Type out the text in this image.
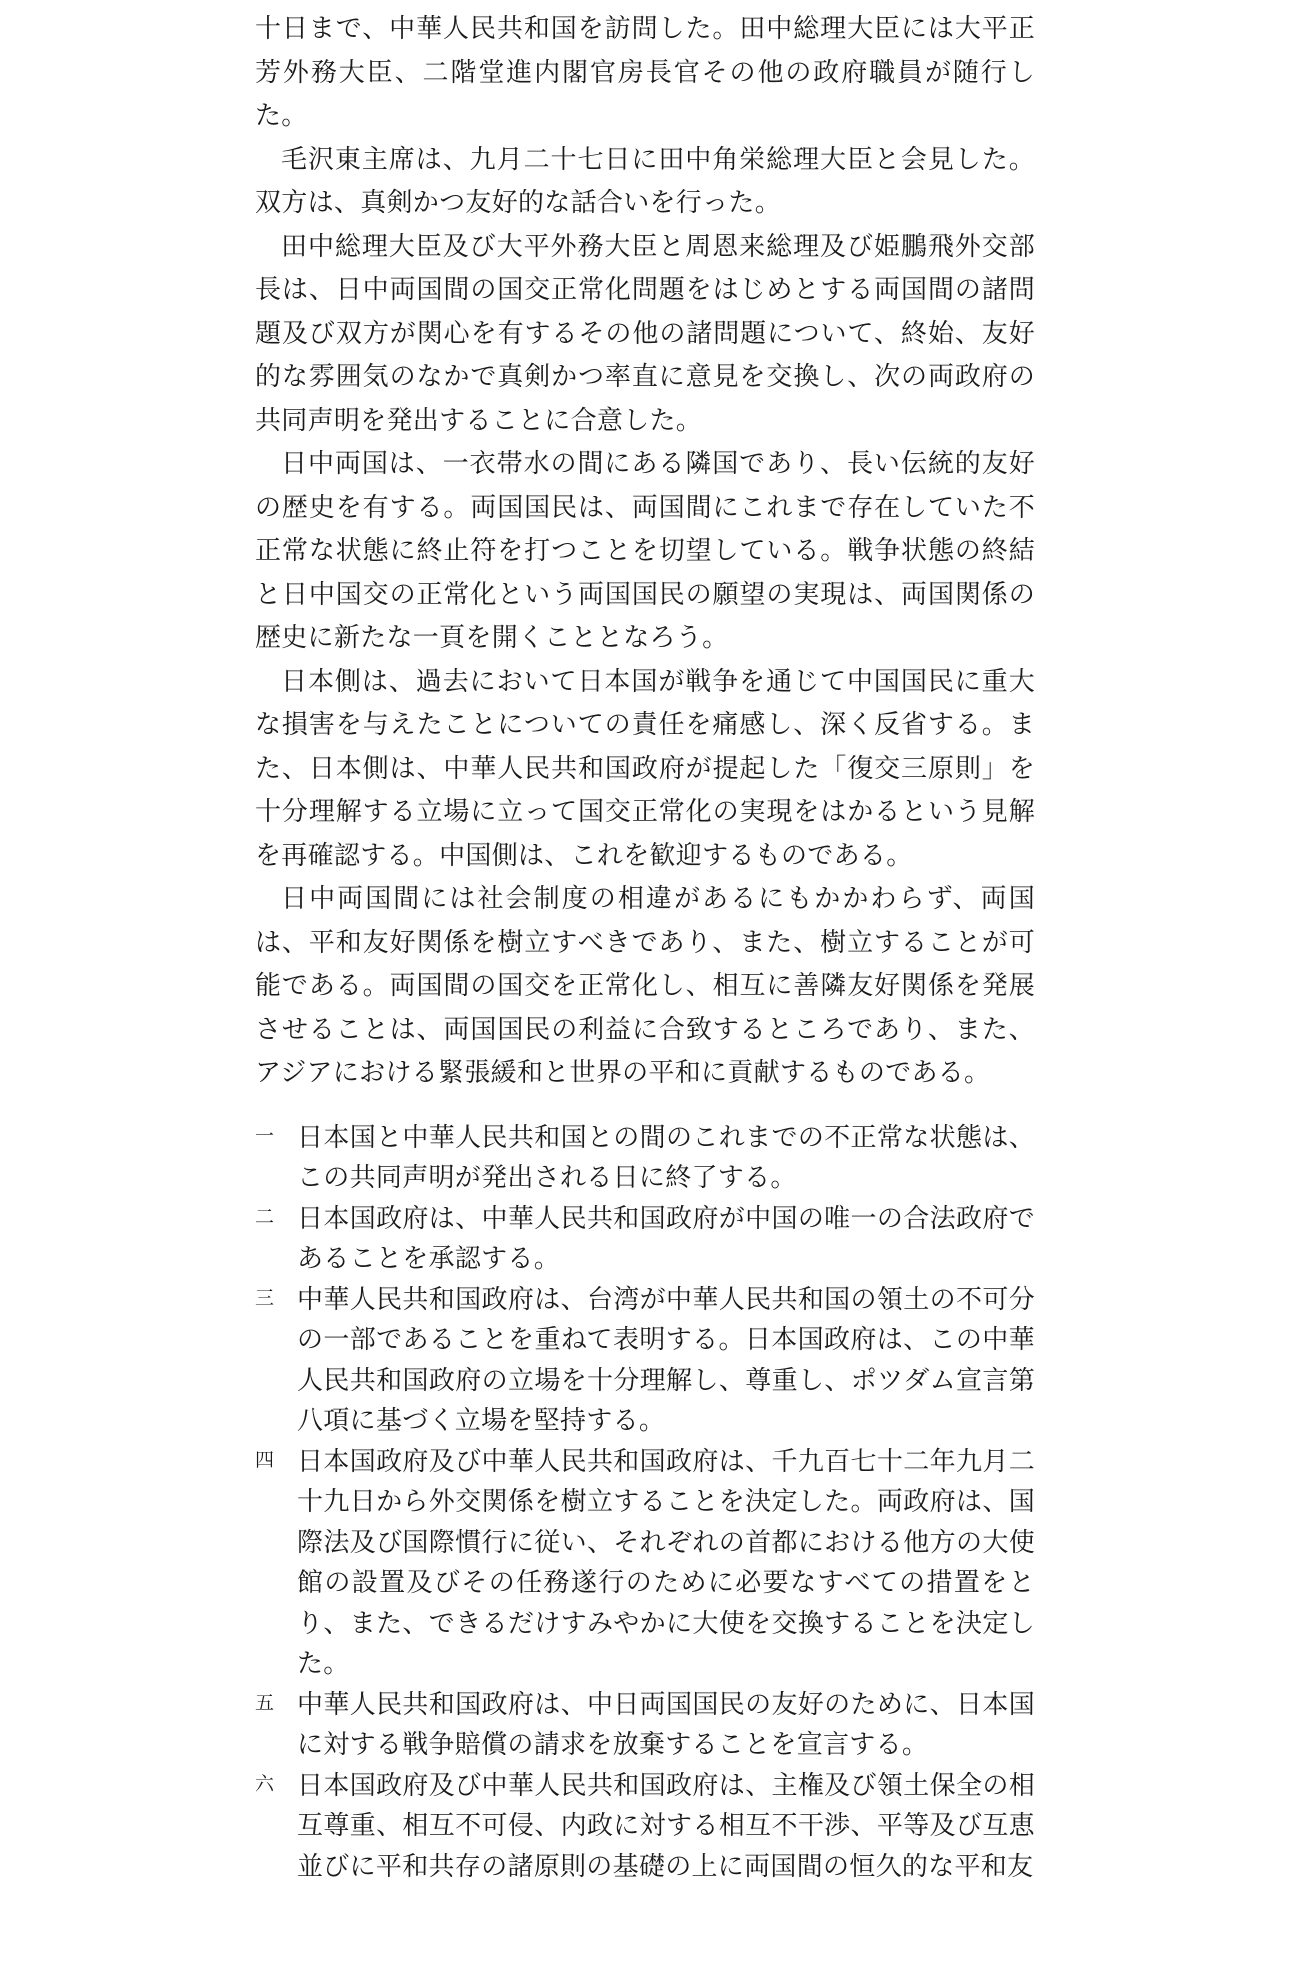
十日まで、中華人民共和国を訪問した。田中総理大臣には大平正芳外務大臣、二階堂進内閣官房長官その他の政府職員が随行した。

毛沢東主席は、九月二十七日に田中角栄総理大臣と会見した。双方は、真剣かつ友好的な話合いを行った。

田中総理大臣及び大平外務大臣と周恩来総理及び姫鵬飛外交部長は、日中両国間の国交正常化問題をはじめとする両国間の諸問題及び双方が関心を有するその他の諸問題について、終始、友好的な雰囲気のなかで真剣かつ率直に意見を交換し、次の両政府の共同声明を発出することに合意した。

日中両国は、一衣帯水の間にある隣国であり、長い伝統的友好の歴史を有する。両国国民は、両国間にこれまで存在していた不正常な状態に終止符を打つことを切望している。戦争状態の終結と日中国交の正常化という両国国民の願望の実現は、両国関係の歴史に新たな一頁を開くこととなろう。

日本側は、過去において日本国が戦争を通じて中国国民に重大な損害を与えたことについての責任を痛感し、深く反省する。また、日本側は、中華人民共和国政府が提起した「復交三原則」を十分理解する立場に立って国交正常化の実現をはかるという見解を再確認する。中国側は、これを歓迎するものである。

日中両国間には社会制度の相違があるにもかかわらず、両国は、平和友好関係を樹立すべきであり、また、樹立することが可能である。両国間の国交を正常化し、相互に善隣友好関係を発展させることは、両国国民の利益に合致するところであり、また、アジアにおける緊張緩和と世界の平和に貢献するものである。

一 日本国と中華人民共和国との間のこれまでの不正常な状態は、この共同声明が発出される日に終了する。

二 日本国政府は、中華人民共和国政府が中国の唯一の合法政府であることを承認する。

三 中華人民共和国政府は、台湾が中華人民共和国の領土の不可分の一部であることを重ねて表明する。日本国政府は、この中華人民共和国政府の立場を十分理解し、尊重し、ポツダム宣言第八項に基づく立場を堅持する。

四 日本国政府及び中華人民共和国政府は、千九百七十二年九月二十九日から外交関係を樹立することを決定した。両政府は、国際法及び国際慣行に従い、それぞれの首都における他方の大使館の設置及びその任務遂行のために必要なすべての措置をとり、また、できるだけすみやかに大使を交換することを決定した。

五 中華人民共和国政府は、中日両国国民の友好のために、日本国に対する戦争賠償の請求を放棄することを宣言する。

六 日本国政府及び中華人民共和国政府は、主権及び領土保全の相互尊重、相互不可侵、内政に対する相互不干渉、平等及び互恵並びに平和共存の諸原則の基礎の上に両国間の恒久的な平和友
